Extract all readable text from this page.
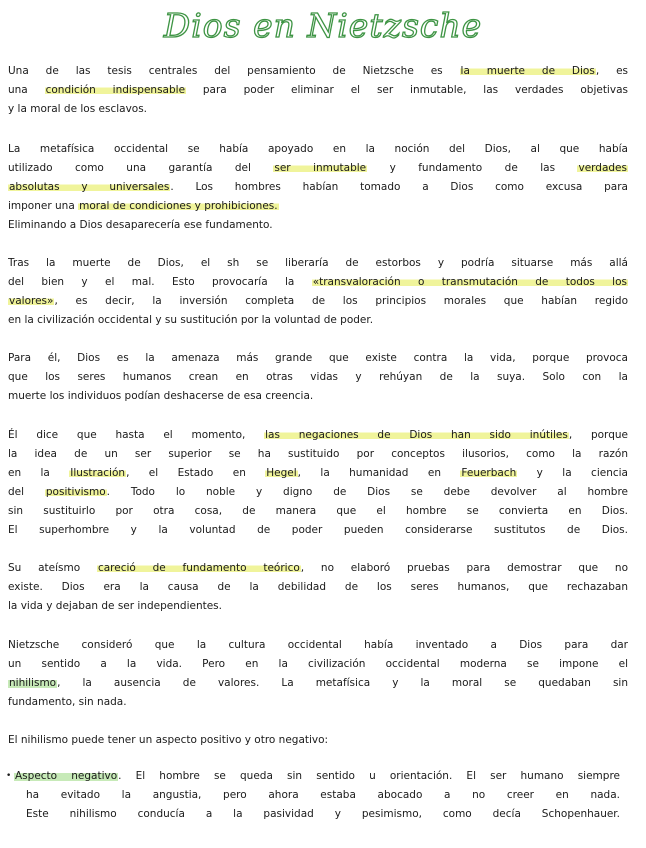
Dios en Nietzsche
Una de las tesis centrales del pensamiento de Nietzsche es la muerte de Dios, es
una condición indispensable para poder eliminar el ser inmutable, las verdades objetivas
y la moral de los esclavos.
La metafísica occidental se había apoyado en la noción del Dios, al que había
utilizado como una garantía del ser inmutable y fundamento de las verdades
absolutas y universales. Los hombres habían tomado a Dios como excusa para
imponer una moral de condiciones y prohibiciones.
Eliminando a Dios desaparecería ese fundamento.
Tras la muerte de Dios, el sh se liberaría de estorbos y podría situarse más allá
del bien y el mal. Esto provocaría la «transvaloración o transmutación de todos los
valores», es decir, la inversión completa de los principios morales que habían regido
en la civilización occidental y su sustitución por la voluntad de poder.
Para él, Dios es la amenaza más grande que existe contra la vida, porque provoca
que los seres humanos crean en otras vidas y rehúyan de la suya. Solo con la
muerte los individuos podían deshacerse de esa creencia.
Él dice que hasta el momento, las negaciones de Dios han sido inútiles, porque
la idea de un ser superior se ha sustituido por conceptos ilusorios, como la razón
en la Ilustración, el Estado en Hegel, la humanidad en Feuerbach y la ciencia
del positivismo. Todo lo noble y digno de Dios se debe devolver al hombre
sin sustituirlo por otra cosa, de manera que el hombre se convierta en Dios.
El superhombre y la voluntad de poder pueden considerarse sustitutos de Dios.
Su ateísmo careció de fundamento teórico, no elaboró pruebas para demostrar que no
existe. Dios era la causa de la debilidad de los seres humanos, que rechazaban
la vida y dejaban de ser independientes.
Nietzsche consideró que la cultura occidental había inventado a Dios para dar
un sentido a la vida. Pero en la civilización occidental moderna se impone el
nihilismo, la ausencia de valores. La metafísica y la moral se quedaban sin
fundamento, sin nada.
El nihilismo puede tener un aspecto positivo y otro negativo:
• Aspecto negativo. El hombre se queda sin sentido u orientación. El ser humano siempre
ha evitado la angustia, pero ahora estaba abocado a no creer en nada.
Este nihilismo conducía a la pasividad y pesimismo, como decía Schopenhauer.
